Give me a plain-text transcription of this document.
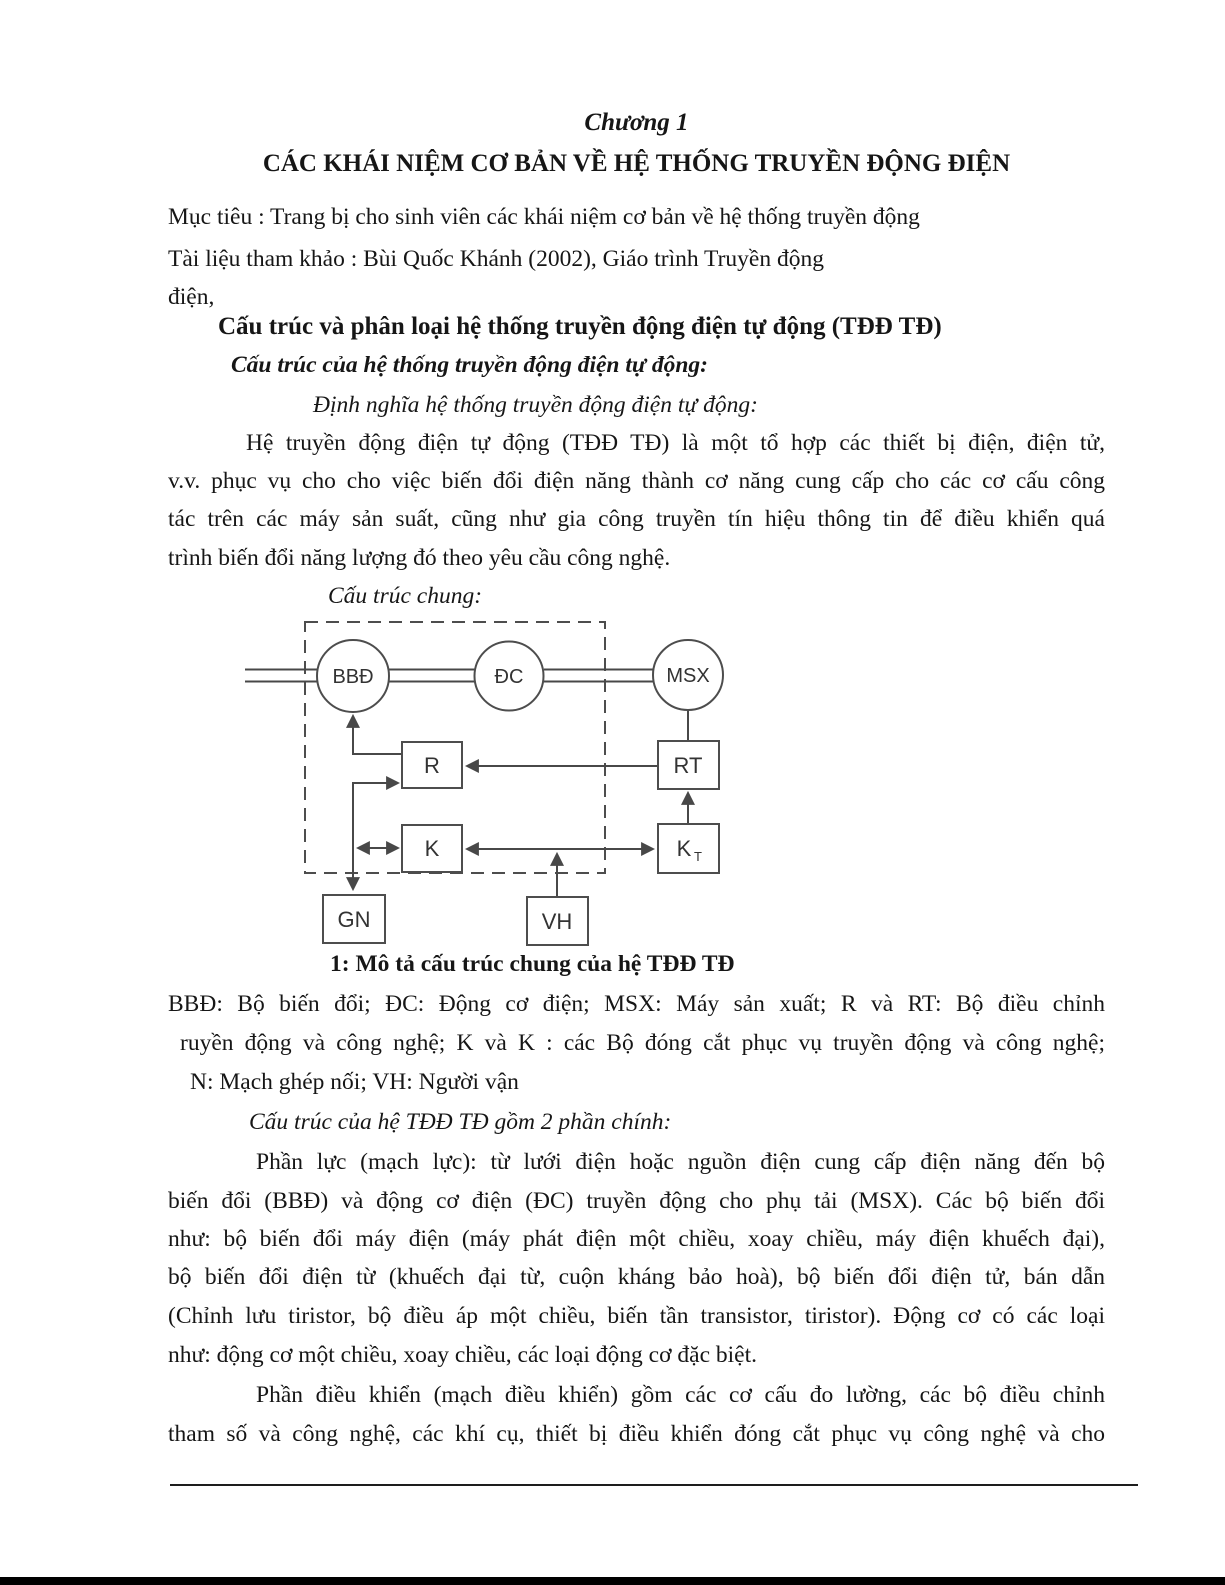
Chương 1
CÁC KHÁI NIỆM CƠ BẢN VỀ HỆ THỐNG TRUYỀN ĐỘNG ĐIỆN
Mục tiêu : Trang bị cho sinh viên các khái niệm cơ bản về hệ thống truyền động
Tài liệu tham khảo : Bùi Quốc Khánh (2002), Giáo trình Truyền động
điện,
Cấu trúc và phân loại hệ thống truyền động điện tự động (TĐĐ TĐ)
Cấu trúc của hệ thống truyền động điện tự động:
Định nghĩa hệ thống truyền động điện tự động:
Hệ truyền động điện tự động (TĐĐ TĐ) là một tổ hợp các thiết bị điện, điện tử,
v.v. phục vụ cho cho việc biến đổi điện năng thành cơ năng cung cấp cho các cơ cấu công
tác trên các máy sản suất, cũng như gia công truyền tín hiệu thông tin để điều khiển quá
trình biến đổi năng lượng đó theo yêu cầu công nghệ.
Cấu trúc chung:
BBĐ	ĐC	MSX
R	RT
K	K T
GN	VH
1: Mô tả cấu trúc chung của hệ TĐĐ TĐ
BBĐ: Bộ biến đổi; ĐC: Động cơ điện; MSX: Máy sản xuất; R và RT: Bộ điều chỉnh
ruyền động và công nghệ; K và K : các Bộ đóng cắt phục vụ truyền động và công nghệ;
N: Mạch ghép nối; VH: Người vận
Cấu trúc của hệ TĐĐ TĐ gồm 2 phần chính:
Phần lực (mạch lực): từ lưới điện hoặc nguồn điện cung cấp điện năng đến bộ
biến đổi (BBĐ) và động cơ điện (ĐC) truyền động cho phụ tải (MSX). Các bộ biến đổi
như: bộ biến đổi máy điện (máy phát điện một chiều, xoay chiều, máy điện khuếch đại),
bộ biến đổi điện từ (khuếch đại từ, cuộn kháng bảo hoà), bộ biến đổi điện tử, bán dẫn
(Chỉnh lưu tiristor, bộ điều áp một chiều, biến tần transistor, tiristor). Động cơ có các loại
như: động cơ một chiều, xoay chiều, các loại động cơ đặc biệt.
Phần điều khiển (mạch điều khiển) gồm các cơ cấu đo lường, các bộ điều chỉnh
tham số và công nghệ, các khí cụ, thiết bị điều khiển đóng cắt phục vụ công nghệ và cho
